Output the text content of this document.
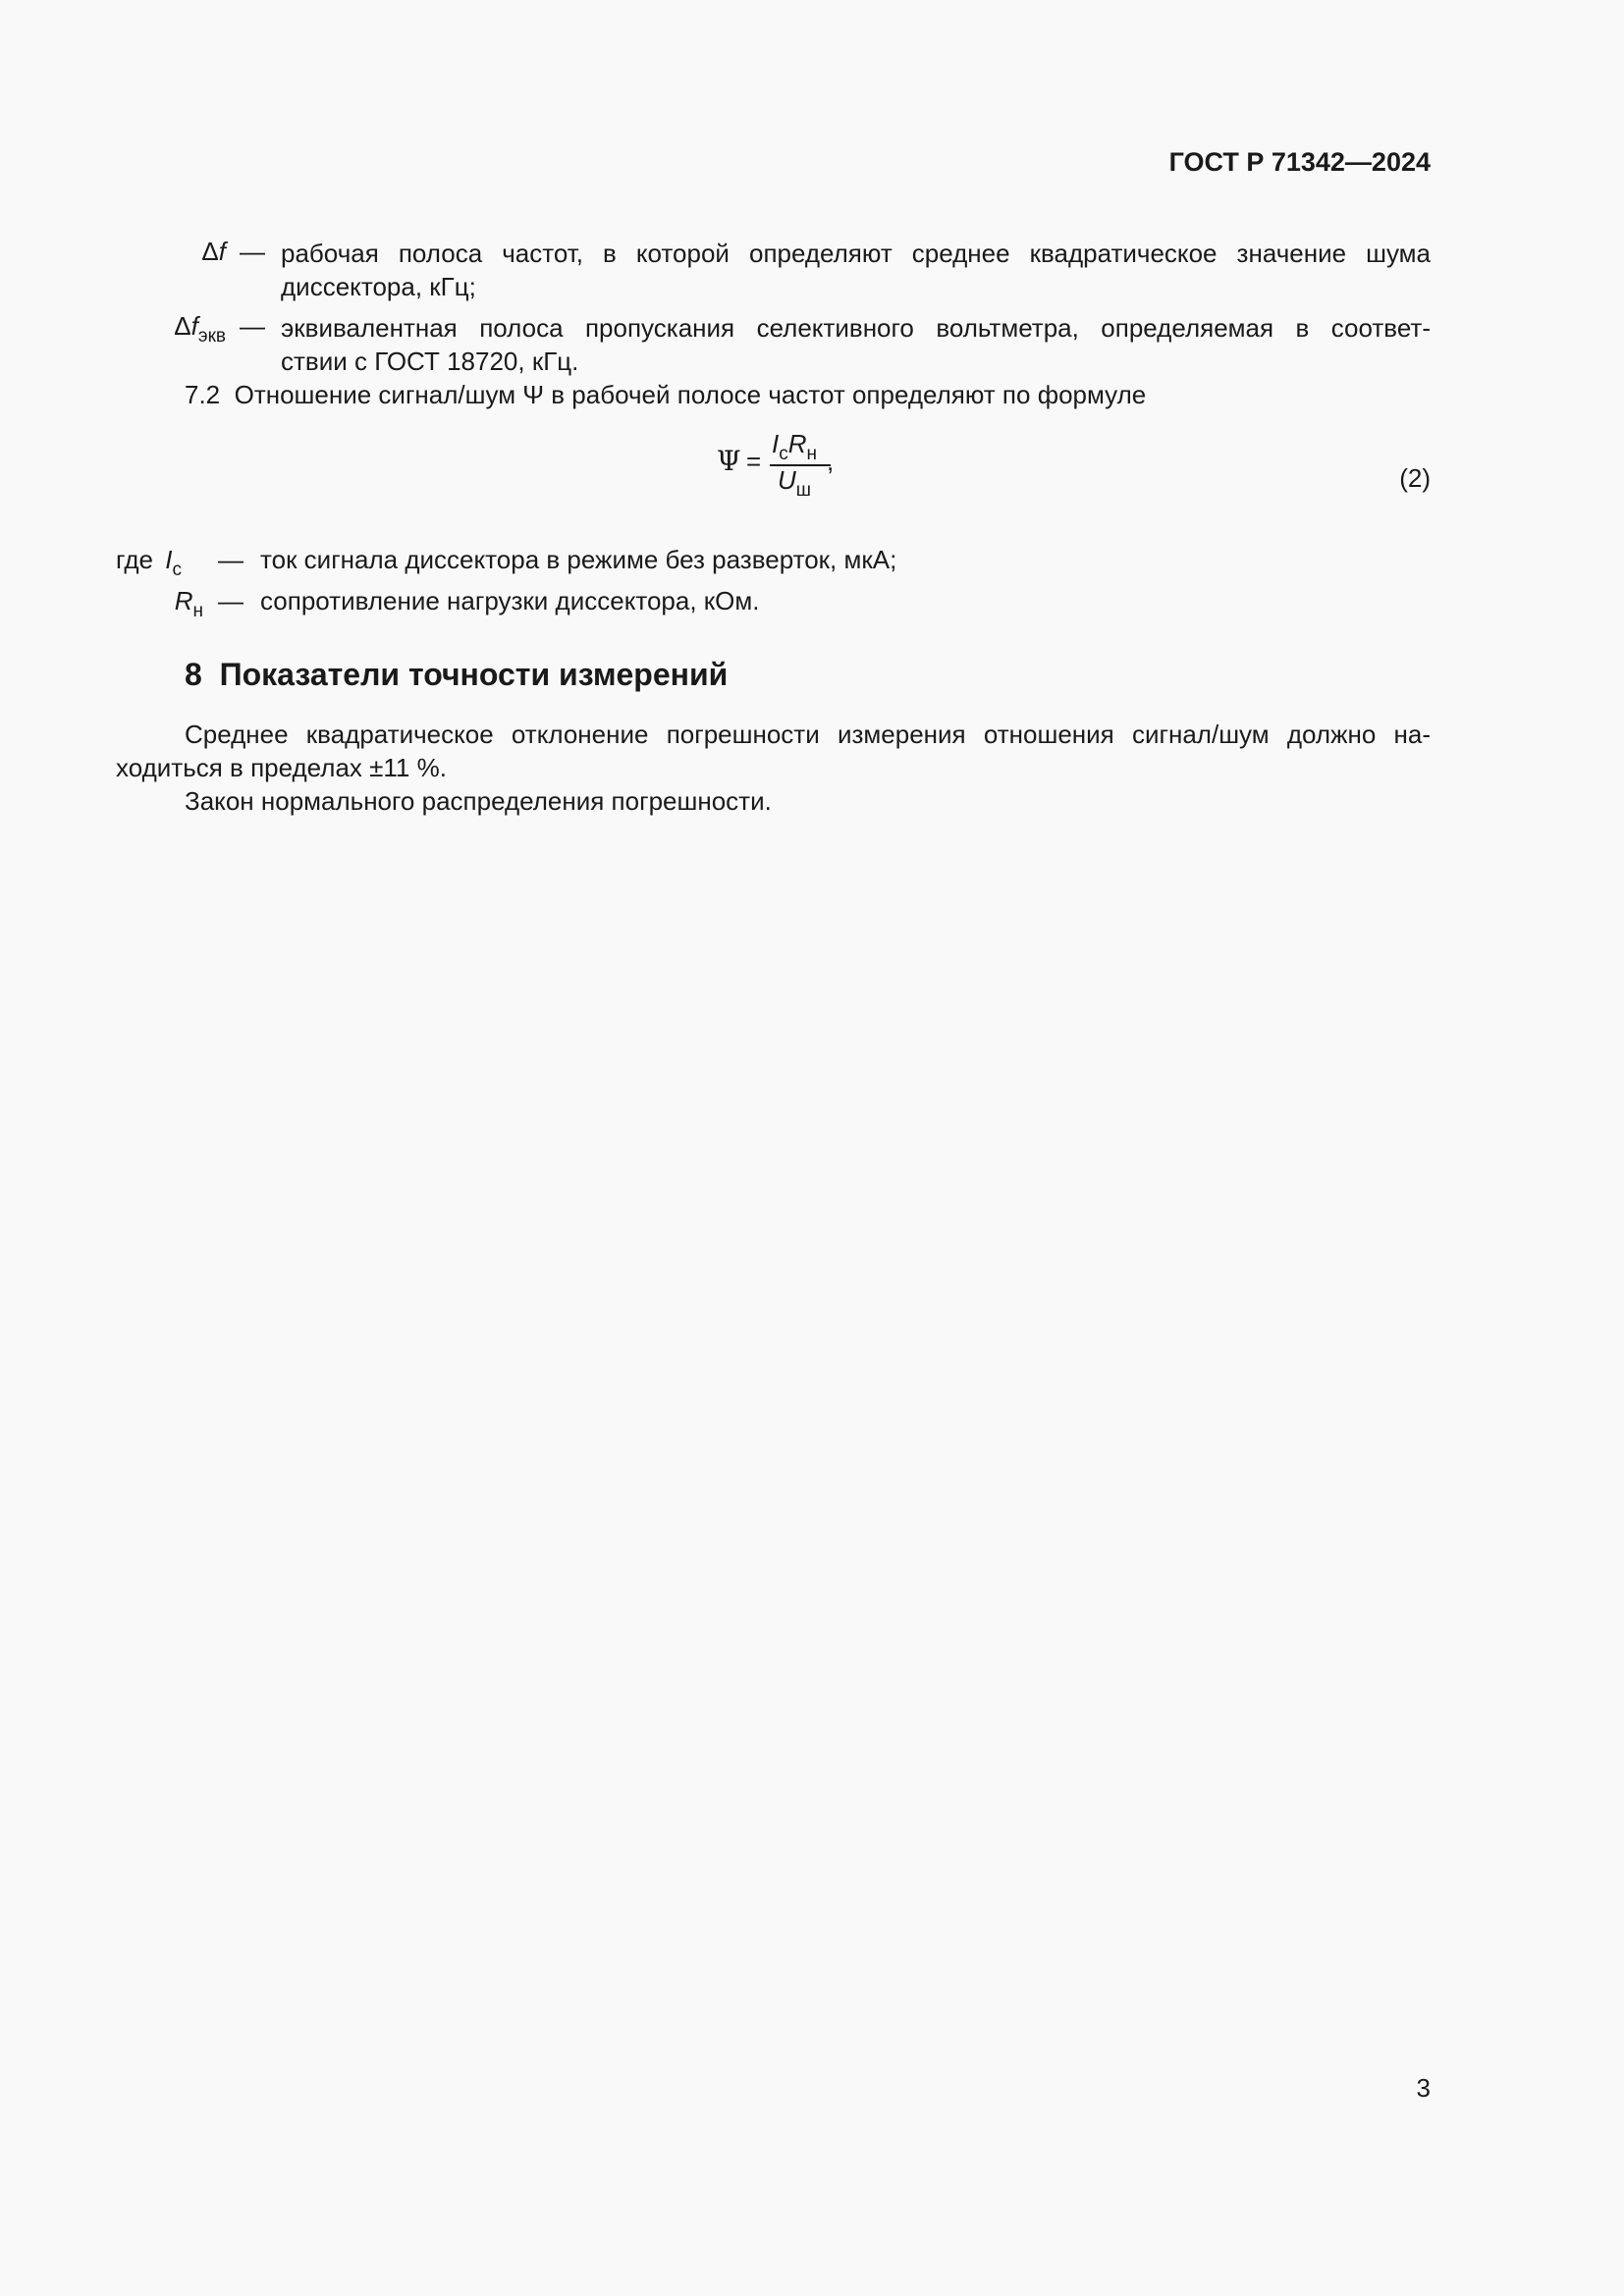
ГОСТ Р 71342—2024
Δf — рабочая полоса частот, в которой определяют среднее квадратическое значение шума
диссектора, кГц;
$\Delta f_{экв}$ — эквивалентная полоса пропускания селективного вольтметра, определяемая в соответ-
ствии с ГОСТ 18720, кГц.
7.2  Отношение сигнал/шум Ψ в рабочей полосе частот определяют по формуле
Ψ =
$I_сR_н$
$U_ш$
,
(2)
где $I_с$ — ток сигнала диссектора в режиме без разверток, мкА;
$R_н$ — сопротивление нагрузки диссектора, кОм.
8  Показатели точности измерений
Среднее квадратическое отклонение погрешности измерения отношения сигнал/шум должно на-
ходиться в пределах ±11 %.
Закон нормального распределения погрешности.
3
